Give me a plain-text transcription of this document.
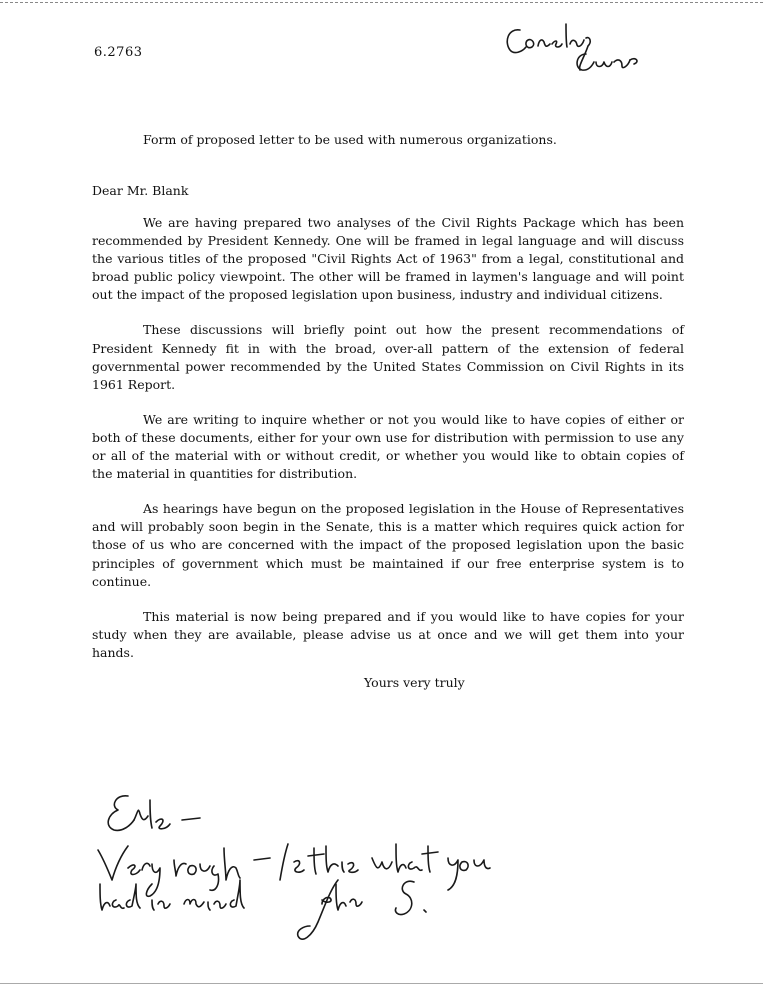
6.2763
Form of proposed letter to be used with numerous organizations.
Dear Mr. Blank

We are having prepared two analyses of the Civil Rights Package which has been recommended by President Kennedy. One will be framed in legal language and will discuss the various titles of the proposed "Civil Rights Act of 1963" from a legal, constitutional and broad public policy viewpoint. The other will be framed in laymen's language and will point out the impact of the proposed legislation upon business, industry and individual citizens.

These discussions will briefly point out how the present recommendations of President Kennedy fit in with the broad, over-all pattern of the extension of federal governmental power recommended by the United States Commission on Civil Rights in its 1961 Report.

We are writing to inquire whether or not you would like to have copies of either or both of these documents, either for your own use for distribution with permission to use any or all of the material with or without credit, or whether you would like to obtain copies of the material in quantities for distribution.

As hearings have begun on the proposed legislation in the House of Representatives and will probably soon begin in the Senate, this is a matter which requires quick action for those of us who are concerned with the impact of the proposed legislation upon the basic principles of government which must be maintained if our free enterprise system is to continue.

This material is now being prepared and if you would like to have copies for your study when they are available, please advise us at once and we will get them into your hands.

Yours very truly
